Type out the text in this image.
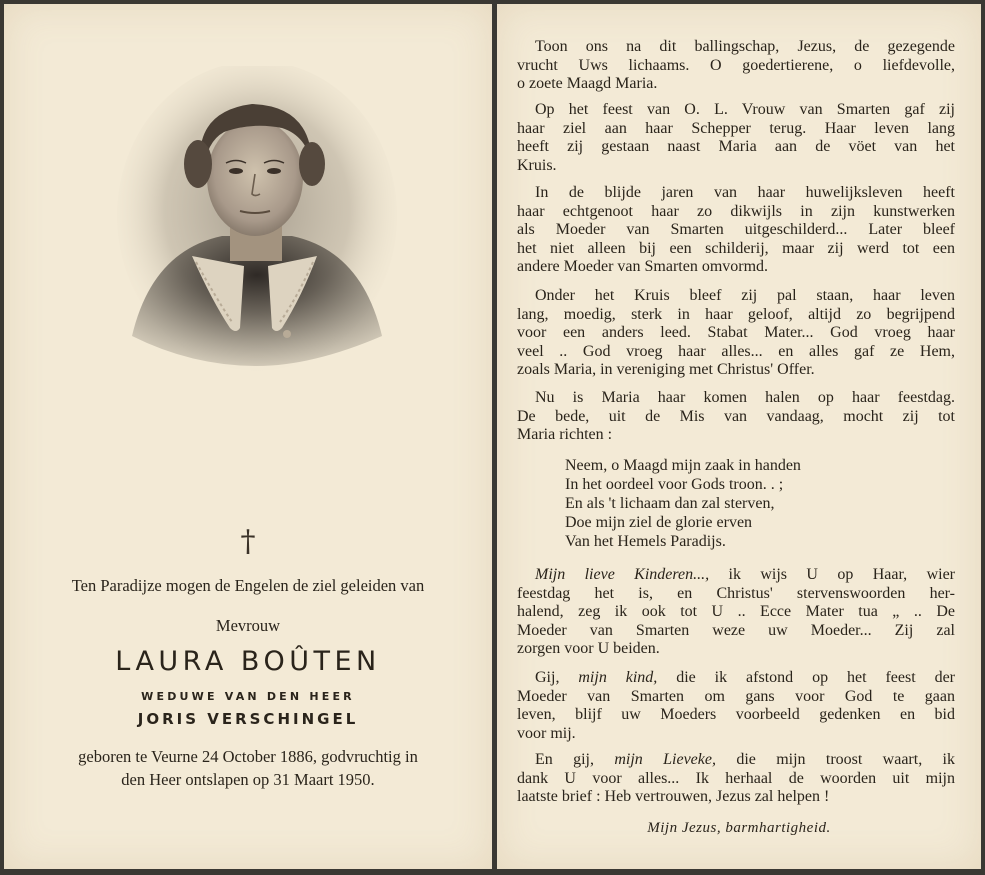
†
Ten Paradijze mogen de Engelen de ziel geleiden van
Mevrouw
LAURA BOÛTEN
WEDUWE VAN DEN HEER
JORIS VERSCHINGEL
geboren te Veurne 24 October 1886, godvruchtig in
den Heer ontslapen op 31 Maart 1950.
Toon ons na dit ballingschap, Jezus, de gezegende
vrucht Uws lichaams. O goedertierene, o liefdevolle,
o zoete Maagd Maria.
Op het feest van O. L. Vrouw van Smarten gaf zij
haar ziel aan haar Schepper terug. Haar leven lang
heeft zij gestaan naast Maria aan de vöet van het
Kruis.
In de blijde jaren van haar huwelijksleven heeft
haar echtgenoot haar zo dikwijls in zijn kunstwerken
als Moeder van Smarten uitgeschilderd... Later bleef
het niet alleen bij een schilderij, maar zij werd tot een
andere Moeder van Smarten omvormd.
Onder het Kruis bleef zij pal staan, haar leven
lang, moedig, sterk in haar geloof, altijd zo begrijpend
voor een anders leed. Stabat Mater... God vroeg haar
veel .. God vroeg haar alles... en alles gaf ze Hem,
zoals Maria, in vereniging met Christus' Offer.
Nu is Maria haar komen halen op haar feestdag.
De bede, uit de Mis van vandaag, mocht zij tot
Maria richten :
Neem, o Maagd mijn zaak in handen
In het oordeel voor Gods troon. . ;
En als 't lichaam dan zal sterven,
Doe mijn ziel de glorie erven
Van het Hemels Paradijs.
Mijn lieve Kinderen..., ik wijs U op Haar, wier
feestdag het is, en Christus' stervenswoorden her-
halend, zeg ik ook tot U .. Ecce Mater tua „ .. De
Moeder van Smarten weze uw Moeder... Zij zal
zorgen voor U beiden.
Gij, mijn kind, die ik afstond op het feest der
Moeder van Smarten om gans voor God te gaan
leven, blijf uw Moeders voorbeeld gedenken en bid
voor mij.
En gij, mijn Lieveke, die mijn troost waart, ik
dank U voor alles... Ik herhaal de woorden uit mijn
laatste brief : Heb vertrouwen, Jezus zal helpen !
Mijn Jezus, barmhartigheid.
